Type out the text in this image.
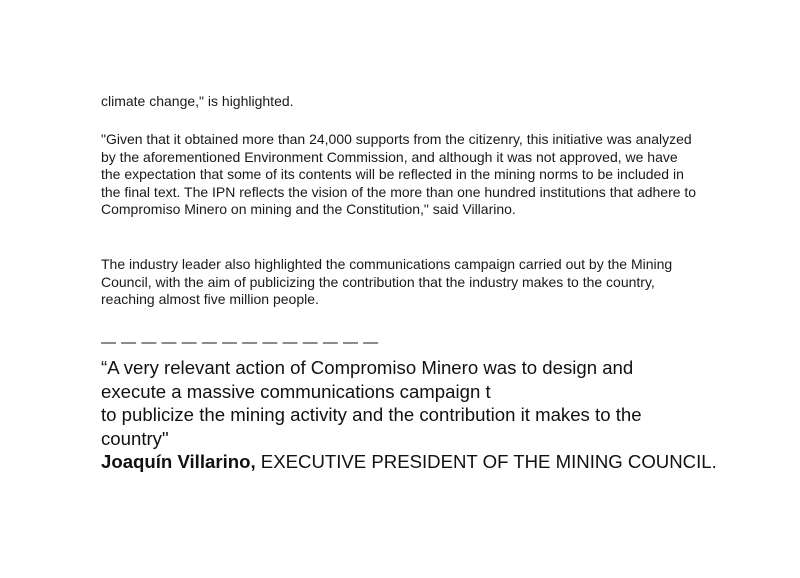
climate change," is highlighted.

"Given that it obtained more than 24,000 supports from the citizenry, this initiative was analyzed by the aforementioned Environment Commission, and although it was not approved, we have the expectation that some of its contents will be reflected in the mining norms to be included in the final text. The IPN reflects the vision of the more than one hundred institutions that adhere to Compromiso Minero on mining and the Constitution," said Villarino.

The industry leader also highlighted the communications campaign carried out by the Mining Council, with the aim of publicizing the contribution that the industry makes to the country, reaching almost five million people.

— — — — — — — — — — — — — —

“A very relevant action of Compromiso Minero was to design and
execute a massive communications campaign t
to publicize the mining activity and the contribution it makes to the
country"

Joaquín Villarino, EXECUTIVE PRESIDENT OF THE MINING COUNCIL.
